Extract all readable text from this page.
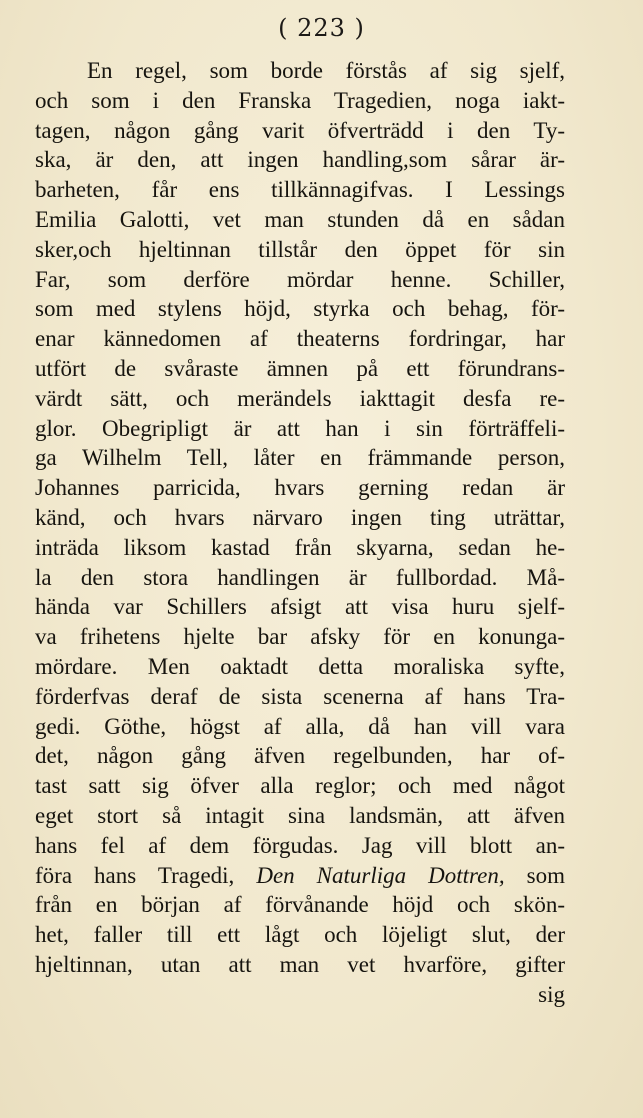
( 223 )
En regel, som borde förstås af sig sjelf,
och som i den Franska Tragedien, noga iakt-
tagen, någon gång varit öfverträdd i den Ty-
ska, är den, att ingen handling,som sårar är-
barheten, får ens tillkännagifvas. I Lessings
Emilia Galotti, vet man stunden då en sådan
sker,och hjeltinnan tillstår den öppet för sin
Far, som derföre mördar henne. Schiller,
som med stylens höjd, styrka och behag, för-
enar kännedomen af theaterns fordringar, har
utfört de svåraste ämnen på ett förundrans-
värdt sätt, och merändels iakttagit desfa re-
glor. Obegripligt är att han i sin förträffeli-
ga Wilhelm Tell, låter en främmande person,
Johannes parricida, hvars gerning redan är
känd, och hvars närvaro ingen ting uträttar,
inträda liksom kastad från skyarna, sedan he-
la den stora handlingen är fullbordad. Må-
hända var Schillers afsigt att visa huru sjelf-
va frihetens hjelte bar afsky för en konunga-
mördare. Men oaktadt detta moraliska syfte,
förderfvas deraf de sista scenerna af hans Tra-
gedi. Göthe, högst af alla, då han vill vara
det, någon gång äfven regelbunden, har of-
tast satt sig öfver alla reglor; och med något
eget stort så intagit sina landsmän, att äfven
hans fel af dem förgudas. Jag vill blott an-
föra hans Tragedi, Den Naturliga Dottren, som
från en början af förvånande höjd och skön-
het, faller till ett lågt och löjeligt slut, der
hjeltinnan, utan att man vet hvarföre, gifter
sig
